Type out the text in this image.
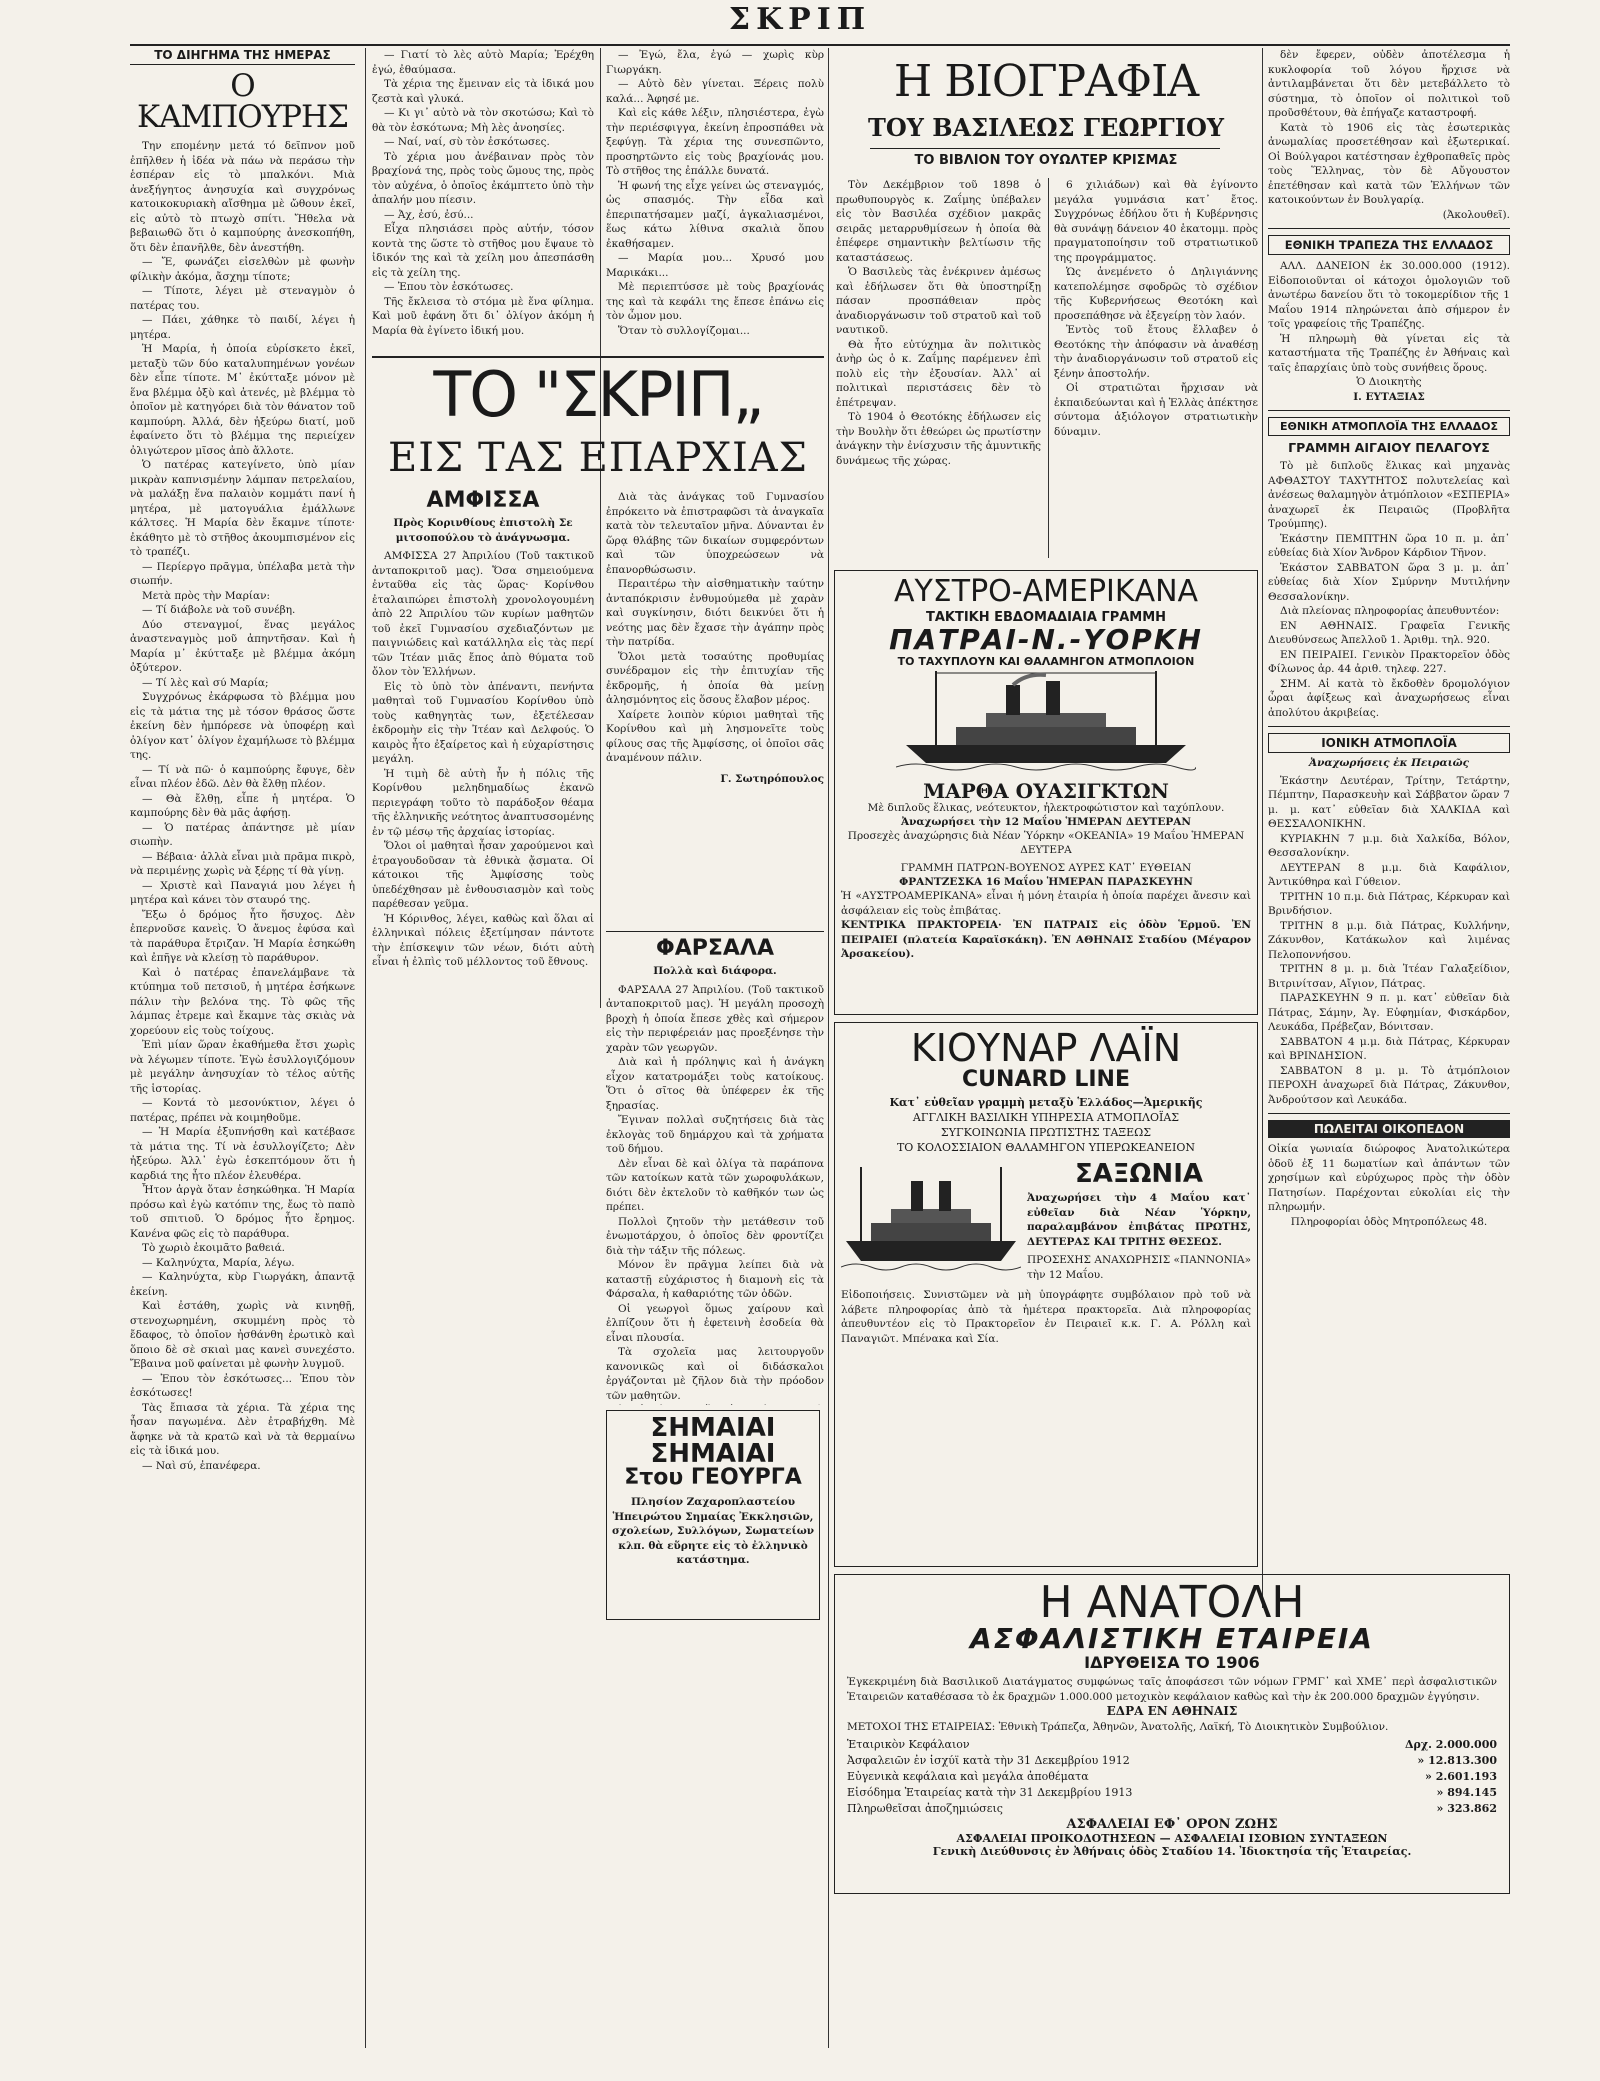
ΣΚΡΙΠ
ΤΟ ΔΙΗΓΗΜΑ ΤΗΣ ΗΜΕΡΑΣ
Ο ΚΑΜΠΟΥΡΗΣ

Την επομένην μετά τό δεῖπνον μοῦ ἐπῆλθεν ἡ ἰδέα νὰ πάω νὰ περάσω τὴν ἑσπέραν εἰς τὸ μπαλκόνι. Μιὰ ἀνεξήγητος ἀνησυχία καὶ συγχρόνως κατοικοκυριακὴ αἴσθημα μὲ ὤθουν ἐκεῖ, εἰς αὐτὸ τὸ πτωχὸ σπίτι. Ἤθελα νὰ βεβαιωθῶ ὅτι ὁ καμπούρης ἀνεσκοπήθη, ὅτι δὲν ἐπανῆλθε, δὲν ἀνεστήθη.

— Ἔ, φωνάζει εἰσελθὼν μὲ φωνὴν φίλικὴν ἀκόμα, ἄσχημ τίποτε;

— Τίποτε, λέγει μὲ στεναγμὸν ὁ πατέρας του.

— Πάει, χάθηκε τὸ παιδί, λέγει ἡ μητέρα.

Ἡ Μαρία, ἡ ὁποία εὑρίσκετο ἐκεῖ, μεταξὺ τῶν δύο καταλυπημένων γονέων δὲν εἶπε τίποτε. Μ᾽ ἐκύτταξε μόνον μὲ ἕνα βλέμμα ὀξὺ καὶ ἀτενές, μὲ βλέμμα τὸ ὁποῖον μὲ κατηγόρει διὰ τὸν θάνατον τοῦ καμπούρη. Ἀλλά, δὲν ἠξεύρω διατί, μοῦ ἐφαίνετο ὅτι τὸ βλέμμα της περιείχεν ὀλιγώτερον μῖσος ἀπὸ ἄλλοτε.

Ὁ πατέρας κατεγίνετο, ὑπὸ μίαν μικρὰν καπνισμένην λάμπαν πετρελαίου, νὰ μαλάξῃ ἕνα παλαιὸν κομμάτι πανί ἡ μητέρα, μὲ ματογυάλια ἐμάλλωνε κάλτσες. Ἡ Μαρία δὲν ἔκαμνε τίποτε· ἐκάθητο μὲ τὸ στῆθος ἀκουμπισμένον εἰς τὸ τραπέζι.

— Περίεργο πρᾶγμα, ὑπέλαβα μετὰ τὴν σιωπήν.

Μετὰ πρὸς τὴν Μαρίαν:

— Τί διάβολε νὰ τοῦ συνέβη.

Δύο στεναγμοί, ἕνας μεγάλος ἀναστεναγμὸς μοῦ ἀπηντῆσαν. Καὶ ἡ Μαρία μ᾽ ἐκύτταξε μὲ βλέμμα ἀκόμη ὀξύτερον.

— Τί λὲς καὶ σύ Μαρία;

Συγχρόνως ἐκάρφωσα τὸ βλέμμα μου εἰς τὰ μάτια της μὲ τόσον θράσος ὥστε ἐκείνη δὲν ἠμπόρεσε νὰ ὑποφέρῃ καὶ ὀλίγον κατ᾽ ὀλίγον ἐχαμήλωσε τὸ βλέμμα της.

— Τί νὰ πῶ· ὁ καμπούρης ἔφυγε, δὲν εἶναι πλέον ἐδῶ. Δὲν θὰ ἔλθῃ πλέον.

— Θὰ ἔλθῃ, εἶπε ἡ μητέρα. Ὁ καμπούρης δὲν θὰ μᾶς ἀφήσῃ.

— Ὁ πατέρας ἀπάντησε μὲ μίαν σιωπὴν.

— Βέβαια· ἀλλὰ εἶναι μιὰ πρᾶμα πικρὸ, νὰ περιμένῃς χωρὶς νὰ ξέρῃς τί θὰ γίνῃ.

— Χριστὲ καὶ Παναγιά μου λέγει ἡ μητέρα καὶ κάνει τὸν σταυρό της.

Ἔξω ὁ δρόμος ἦτο ἥσυχος. Δὲν ἐπερνοῦσε κανεὶς. Ὁ ἄνεμος ἐφύσα καὶ τὰ παράθυρα ἔτριζαν. Ἡ Μαρία ἐσηκώθη καὶ ἐπῆγε νὰ κλείσῃ τὸ παράθυρον.

Καὶ ὁ πατέρας ἐπανελάμβανε τὰ κτύπημα τοῦ πετσιοῦ, ἡ μητέρα ἐσήκωνε πάλιν τὴν βελόνα της. Τὸ φῶς τῆς λάμπας ἐτρεμε καὶ ἔκαμνε τὰς σκιὰς νὰ χορεύουν εἰς τοὺς τοίχους.

Ἐπὶ μίαν ὥραν ἐκαθήμεθα ἔτσι χωρὶς νὰ λέγωμεν τίποτε. Ἐγὼ ἐσυλλογιζόμουν μὲ μεγάλην ἀνησυχίαν τὸ τέλος αὐτῆς τῆς ἱστορίας.

— Κοντά τὸ μεσονύκτιον, λέγει ὁ πατέρας, πρέπει νὰ κοιμηθοῦμε.

— Ἡ Μαρία ἐξυπνήσθη καὶ κατέβασε τὰ μάτια της. Τί νὰ ἐσυλλογίζετο; Δὲν ἠξεύρω. Ἀλλ᾽ ἐγὼ ἐσκεπτόμουν ὅτι ἡ καρδιά της ἦτο πλέον ἐλευθέρα.

Ἦτον ἀργὰ ὅταν ἐσηκώθηκα. Ἡ Μαρία πρόσω καὶ ἐγὼ κατόπιν της, ἔως τὸ παπὸ τοῦ σπιτιοῦ. Ὁ δρόμος ἦτο ἔρημος. Κανένα φῶς εἰς τὸ παράθυρα.

Τὸ χωριὸ ἐκοιμᾶτο βαθειά.

— Καληνύχτα, Μαρία, λέγω.

— Καληνύχτα, κὺρ Γιωργάκη, ἀπαντᾷ ἐκείνη.

Καὶ ἐστάθη, χωρὶς νὰ κινηθῇ, στενοχωρημένη, σκυμμένη πρὸς τὸ ἔδαφος, τὸ ὁποῖον ἠσθάνθη ἐρωτικὸ καὶ ὅποιο δὲ σὲ σκιαὶ μας κανεὶ συνεχέστο. Ἔβαινα μοῦ φαίνεται μὲ φωνὴν λυγμοῦ.

— Ἐπου τὸν ἐσκότωσες... Ἐπου τὸν ἐσκότωσες!

Τὰς ἔπιασα τὰ χέρια. Τὰ χέρια της ἦσαν παγωμένα. Δὲν ἐτραβήχθη. Μὲ ἄφηκε νὰ τὰ κρατῶ καὶ νὰ τὰ θερμαίνω εἰς τὰ ἰδικά μου.

— Ναὶ σύ, ἐπανέφερα.

— Γιατί τὸ λὲς αὐτὸ Μαρία; Ἐρέχθη ἐγώ, ἐθαύμασα.

Τὰ χέρια της ἔμειναν εἰς τὰ ἰδικά μου ζεστὰ καὶ γλυκά.

— Κι γι᾽ αὐτὸ νὰ τὸν σκοτώσω; Καὶ τὸ θὰ τὸν ἐσκότωνα; Μὴ λὲς ἀνοησίες.

— Ναί, ναί, σὺ τὸν ἐσκότωσες.

Τὸ χέρια μου ἀνέβαιναν πρὸς τὸν βραχίονά της, πρὸς τοὺς ὤμους της, πρὸς τὸν αὐχένα, ὁ ὁποῖος ἐκάμπτετο ὑπὸ τὴν ἀπαλήν μου πίεσιν.

— Ἀχ, ἐσύ, ἐσύ...

Εἶχα πλησιάσει πρὸς αὐτήν, τόσον κοντὰ της ὥστε τὸ στῆθος μου ἔψαυε τὸ ἰδικόν της καὶ τὰ χείλη μου ἀπεσπάσθη εἰς τὰ χείλη της.

— Ἐπου τὸν ἐσκότωσες.

Τῆς ἔκλεισα τὸ στόμα μὲ ἕνα φίλημα. Καὶ μοῦ ἐφάνη ὅτι δι᾽ ὀλίγον ἀκόμη ἡ Μαρία θὰ ἐγίνετο ἰδική μου.

— Ἐγώ, ἔλα, ἐγώ — χωρὶς κὺρ Γιωργάκη.

— Αὐτὸ δὲν γίνεται. Ξέρεις πολὺ καλά... Ἀφησέ με.

Καὶ εἰς κάθε λέξιν, πλησιέστερα, ἐγὼ τὴν περιέσφιγγα, ἐκείνη ἐπροσπάθει νὰ ξεφύγῃ. Τὰ χέρια της συνεσπῶντο, προσηρτῶντο εἰς τοὺς βραχίονάς μου. Τὸ στῆθος της ἐπάλλε δυνατά.

Ἡ φωνή της εἶχε γείνει ὡς στεναγμός, ὡς σπασμός. Τὴν εἶδα καὶ ἐπεριπατήσαμεν μαζί, ἀγκαλιασμένοι, ἕως κάτω λίθινα σκαλιὰ ὅπου ἐκαθήσαμεν.

— Μαρία μου... Χρυσό μου Μαρικάκι...

Μὲ περιεπτύσσε μὲ τοὺς βραχίονάς της καὶ τὰ κεφάλι της ἔπεσε ἐπάνω εἰς τὸν ὦμον μου.

Ὅταν τὸ συλλογίζομαι...

ΤΟ "ΣΚΡΙΠ„
ΕΙΣ ΤΑΣ ΕΠΑΡΧΙΑΣ
ΑΜΦΙΣΣΑ
Πρὸς Κορινθίους ἐπιστολὴ Σε μιτσοπούλου τὸ ἀνάγνωσμα.

ΑΜΦΙΣΣΑ 27 Ἀπριλίου (Τοῦ τακτικοῦ ἀνταποκριτοῦ μας). Ὅσα σημειούμενα ἐνταῦθα εἰς τὰς ὥρας· Κορίνθου ἐταλαιπώρει ἐπιστολὴ χρονολογουμένη ἀπὸ 22 Ἀπριλίου τῶν κυρίων μαθητῶν τοῦ ἐκεῖ Γυμνασίου σχεδιαζόντων με παιγνιώδεις καὶ κατάλληλα εἰς τὰς περί τῶν Ἰτέαν μιᾶς ἔπος ἀπὸ θύματα τοῦ ὄλον τὸν Ἑλλήνων.

Εἰς τὸ ὑπὸ τὸν ἀπέναντι, πενήντα μαθηταὶ τοῦ Γυμνασίου Κορίνθου ὑπὸ τοὺς καθηγητὰς των, ἐξετέλεσαν ἐκδρομὴν εἰς τὴν Ἰτέαν καὶ Δελφούς. Ὁ καιρὸς ἦτο ἐξαίρετος καὶ ἡ εὐχαρίστησις μεγάλη.

Ἡ τιμὴ δὲ αὐτὴ ἦν ἡ πόλις τῆς Κορίνθου μεληδημαδίως ἐκανῶ περιεγράφη τοῦτο τὸ παράδοξον θέαμα τῆς ἐλληνικῆς νεότητος ἀναπτυσσομένης ἐν τῷ μέσῳ τῆς ἀρχαίας ἱστορίας.

Ὅλοι οἱ μαθηταὶ ἦσαν χαρούμενοι καὶ ἐτραγουδοῦσαν τὰ ἐθνικὰ ᾄσματα. Οἱ κάτοικοι τῆς Ἀμφίσσης τοὺς ὑπεδέχθησαν μὲ ἐνθουσιασμὸν καὶ τοὺς παρέθεσαν γεῦμα.

Ἡ Κόρινθος, λέγει, καθὼς καὶ ὅλαι αἱ ἑλληνικαὶ πόλεις ἐξετίμησαν πάντοτε τὴν ἐπίσκεψιν τῶν νέων, διότι αὐτὴ εἶναι ἡ ἐλπὶς τοῦ μέλλοντος τοῦ ἔθνους.

Διὰ τὰς ἀνάγκας τοῦ Γυμνασίου ἐπρόκειτο νὰ ἐπιστραφῶσι τὰ ἀναγκαῖα κατὰ τὸν τελευταῖον μῆνα. Δύνανται ἐν ὥρᾳ θλάβης τῶν δικαίων συμφερόντων καὶ τῶν ὑποχρεώσεων νὰ ἐπανορθώσωσιν.

Περαιτέρω τὴν αἰσθηματικὴν ταύτην ἀνταπόκρισιν ἐνθυμούμεθα μὲ χαρὰν καὶ συγκίνησιν, διότι δεικνύει ὅτι ἡ νεότης μας δὲν ἔχασε τὴν ἀγάπην πρὸς τὴν πατρίδα.

Ὅλοι μετὰ τοσαύτης προθυμίας συνέδραμον εἰς τὴν ἐπιτυχίαν τῆς ἐκδρομῆς, ἡ ὁποία θὰ μείνῃ ἀλησμόνητος εἰς ὅσους ἔλαβον μέρος.

Χαίρετε λοιπὸν κύριοι μαθηταὶ τῆς Κορίνθου καὶ μὴ λησμονεῖτε τοὺς φίλους σας τῆς Ἀμφίσσης, οἱ ὁποῖοι σᾶς ἀναμένουν πάλιν.

Γ. Σωτηρόπουλος
ΦΑΡΣΑΛΑ
Πολλὰ καὶ διάφορα.

ΦΑΡΣΑΛΑ 27 Ἀπριλίου. (Τοῦ τακτικοῦ ἀνταποκριτοῦ μας). Ἡ μεγάλη προσοχὴ βροχὴ ἡ ὁποία ἔπεσε χθὲς καὶ σήμερον εἰς τὴν περιφέρειάν μας προεξένησε τὴν χαρὰν τῶν γεωργῶν.

Διὰ καὶ ἡ πρόληψις καὶ ἡ ἀνάγκη εἶχον κατατρομάξει τοὺς κατοίκους. Ὅτι ὁ σῖτος θὰ ὑπέφερεν ἐκ τῆς ξηρασίας.

Ἔγιναν πολλαὶ συζητήσεις διὰ τὰς ἐκλογὰς τοῦ δημάρχου καὶ τὰ χρήματα τοῦ δήμου.

Δὲν εἶναι δὲ καὶ ὀλίγα τὰ παράπονα τῶν κατοίκων κατὰ τῶν χωροφυλάκων, διότι δὲν ἐκτελοῦν τὸ καθῆκόν των ὡς πρέπει.

Πολλοὶ ζητοῦν τὴν μετάθεσιν τοῦ ἐνωμοτάρχου, ὁ ὁποῖος δὲν φροντίζει διὰ τὴν τάξιν τῆς πόλεως.

Μόνον ἓν πρᾶγμα λείπει διὰ νὰ καταστῇ εὐχάριστος ἡ διαμονὴ εἰς τὰ Φάρσαλα, ἡ καθαριότης τῶν ὁδῶν.

Οἱ γεωργοὶ ὅμως χαίρουν καὶ ἐλπίζουν ὅτι ἡ ἐφετεινὴ ἐσοδεία θὰ εἶναι πλουσία.

Τὰ σχολεῖα μας λειτουργοῦν κανονικῶς καὶ οἱ διδάσκαλοι ἐργάζονται μὲ ζῆλον διὰ τὴν πρόοδον τῶν μαθητῶν.

ΣΗΜΑΙΑΙ
ΣΗΜΑΙΑΙ
Στου ΓΕΟΥΡΓΑ
Πλησίον Ζαχαροπλαστείου Ἡπειρώτου Σημαίας Ἐκκλησιῶν, σχολείων, Συλλόγων, Σωματείων κλπ. θὰ εὕρητε εἰς τὸ ἐλληνικὸ κατάστημα.
Η ΒΙΟΓΡΑΦΙΑ
ΤΟΥ ΒΑΣΙΛΕΩΣ ΓΕΩΡΓΙΟΥ
ΤΟ ΒΙΒΛΙΟΝ ΤΟΥ ΟΥΩΛΤΕΡ ΚΡΙΣΜΑΣ

Τὸν Δεκέμβριον τοῦ 1898 ὁ πρωθυπουργὸς κ. Ζαΐμης ὑπέβαλεν εἰς τὸν Βασιλέα σχέδιον μακρᾶς σειρᾶς μεταρρυθμίσεων ἡ ὁποία θὰ ἐπέφερε σημαντικὴν βελτίωσιν τῆς καταστάσεως.

Ὁ Βασιλεὺς τὰς ἐνέκρινεν ἀμέσως καὶ ἐδήλωσεν ὅτι θὰ ὑποστηρίξῃ πάσαν προσπάθειαν πρὸς ἀναδιοργάνωσιν τοῦ στρατοῦ καὶ τοῦ ναυτικοῦ.

Θὰ ἦτο εὐτύχημα ἂν πολιτικὸς ἀνὴρ ὡς ὁ κ. Ζαΐμης παρέμενεν ἐπὶ πολὺ εἰς τὴν ἐξουσίαν. Ἀλλ᾽ αἱ πολιτικαὶ περιστάσεις δὲν τὸ ἐπέτρεψαν.

Τὸ 1904 ὁ Θεοτόκης ἐδήλωσεν εἰς τὴν Βουλὴν ὅτι ἐθεώρει ὡς πρωτίστην ἀνάγκην τὴν ἐνίσχυσιν τῆς ἀμυντικῆς δυνάμεως τῆς χώρας.

6 χιλιάδων) καὶ θὰ ἐγίνοντο μεγάλα γυμνάσια κατ᾽ ἔτος. Συγχρόνως ἐδήλου ὅτι ἡ Κυβέρνησις θὰ συνάψῃ δάνειον 40 ἑκατομμ. πρὸς πραγματοποίησιν τοῦ στρατιωτικοῦ της προγράμματος.

Ὡς ἀνεμένετο ὁ Δηλιγιάννης κατεπολέμησε σφοδρῶς τὸ σχέδιον τῆς Κυβερνήσεως Θεοτόκη καὶ προσεπάθησε νὰ ἐξεγείρῃ τὸν λαόν.

Ἐντὸς τοῦ ἔτους ἔλλαβεν ὁ Θεοτόκης τὴν ἀπόφασιν νὰ ἀναθέσῃ τὴν ἀναδιοργάνωσιν τοῦ στρατοῦ εἰς ξένην ἀποστολήν.

Οἱ στρατιῶται ἤρχισαν νὰ ἐκπαιδεύωνται καὶ ἡ Ἑλλὰς ἀπέκτησε σύντομα ἀξιόλογον στρατιωτικὴν δύναμιν.

ΑΥΣΤΡΟ-ΑΜΕΡΙΚΑΝΑ
ΤΑΚΤΙΚΗ ΕΒΔΟΜΑΔΙΑΙΑ ΓΡΑΜΜΗ
ΠΑΤΡΑΙ-Ν.-ΥΟΡΚΗ
ΤΟ ΤΑΧΥΠΛΟΥΝ ΚΑΙ ΘΑΛΑΜΗΓΟΝ ΑΤΜΟΠΛΟΙΟΝ
ΜΑΡΘΑ ΟΥΑΣΙΓΚΤΩΝ
Μὲ διπλοῦς ἕλικας, νεότευκτον, ἠλεκτροφώτιστον καὶ ταχύπλουν.
Ἀναχωρήσει τὴν 12 Μαΐου ἩΜΕΡΑΝ ΔΕΥΤΕΡΑΝ
Προσεχὲς ἀναχώρησις διὰ Νέαν Ὑόρκην «ΟΚΕΑΝΙΑ» 19 Μαΐου ἩΜΕΡΑΝ ΔΕΥΤΕΡΑ
ΓΡΑΜΜΗ ΠΑΤΡΩΝ-ΒΟΥΕΝΟΣ ΑΥΡΕΣ ΚΑΤ᾽ ΕΥΘΕΙΑΝ
ΦΡΑΝΤΖΕΣΚΑ 16 Μαΐου ἩΜΕΡΑΝ ΠΑΡΑΣΚΕΥΗΝ
Ἡ «ΑΥΣΤΡΟΑΜΕΡΙΚΑΝΑ» εἶναι ἡ μόνη ἑταιρία ἡ ὁποία παρέχει ἄνεσιν καὶ ἀσφάλειαν εἰς τοὺς ἐπιβάτας.
ΚΕΝΤΡΙΚΑ ΠΡΑΚΤΟΡΕΙΑ· ἘΝ ΠΑΤΡΑΙΣ εἰς ὁδὸν Ἑρμοῦ. ἘΝ ΠΕΙΡΑΙΕΙ (πλατεία Καραϊσκάκη). ἘΝ ΑΘΗΝΑΙΣ Σταδίου (Μέγαρον Ἀρσακείου).
ΚΙΟΥΝΑΡ ΛΑΪΝ
CUNARD LINE
Κατ᾽ εὐθεῖαν γραμμὴ μεταξὺ Ἑλλάδος—Ἀμερικῆς
ΑΓΓΛΙΚΗ ΒΑΣΙΛΙΚΗ ΥΠΗΡΕΣΙΑ ΑΤΜΟΠΛΟΪΑΣ
ΣΥΓΚΟΙΝΩΝΙΑ ΠΡΩΤΙΣΤΗΣ ΤΑΞΕΩΣ
ΤΟ ΚΟΛΟΣΣΙΑΙΟΝ ΘΑΛΑΜΗΓΟΝ ΥΠΕΡΩΚΕΑΝΕΙΟΝ
ΣΑΞΩΝΙΑ
Ἀναχωρήσει τὴν 4 Μαΐου κατ᾽ εὐθεῖαν διὰ Νέαν Ὑόρκην, παραλαμβάνον ἐπιβάτας ΠΡΩΤΗΣ, ΔΕΥΤΕΡΑΣ ΚΑΙ ΤΡΙΤΗΣ ΘΕΣΕΩΣ.
ΠΡΟΣΕΧΗΣ ΑΝΑΧΩΡΗΣΙΣ «ΠΑΝΝΟΝΙΑ» τὴν 12 Μαΐου.
Εἰδοποιήσεις. Συνιστῶμεν νὰ μὴ ὑπογράφητε συμβόλαιον πρὸ τοῦ νὰ λάβετε πληροφορίας ἀπὸ τὰ ἡμέτερα πρακτορεῖα. Διὰ πληροφορίας ἀπευθυντέον εἰς τὸ Πρακτορεῖον ἐν Πειραιεῖ κ.κ. Γ. Α. Ρόλλη καὶ Παναγιῶτ. Μπένακα καὶ Σία.
Η ΑΝΑΤΟΛΗ
ΑΣΦΑΛΙΣΤΙΚΗ ΕΤΑΙΡΕΙΑ
ΙΔΡΥΘΕΙΣΑ ΤΟ 1906
Ἐγκεκριμένη διὰ Βασιλικοῦ Διατάγματος συμφώνως ταῖς ἀποφάσεσι τῶν νόμων ΓΡΜΓ᾽ καὶ ΧΜΕ᾽ περὶ ἀσφαλιστικῶν Ἑταιρειῶν καταθέσασα τὸ ἐκ δραχμῶν 1.000.000 μετοχικὸν κεφάλαιον καθὼς καὶ τὴν ἐκ 200.000 δραχμῶν ἐγγύησιν.
ΕΔΡΑ ΕΝ ΑΘΗΝΑΙΣ
ΜΕΤΟΧΟΙ ΤΗΣ ΕΤΑΙΡΕΙΑΣ: Ἐθνικὴ Τράπεζα, Ἀθηνῶν, Ἀνατολῆς, Λαϊκή, Τὸ Διοικητικὸν Συμβούλιον.
Ἑταιρικὸν Κεφάλαιον	Δρχ. 2.000.000
Ἀσφαλειῶν ἐν ἰσχύϊ κατὰ τὴν 31 Δεκεμβρίου 1912	» 12.813.300
Εὐγενικὰ κεφάλαια καὶ μεγάλα ἀποθέματα	» 2.601.193
Εἰσόδημα Ἑταιρείας κατὰ τὴν 31 Δεκεμβρίου 1913	» 894.145
Πληρωθεῖσαι ἀποζημιώσεις	» 323.862
ΑΣΦΑΛΕΙΑΙ ΕΦ᾽ ΟΡΟΝ ΖΩΗΣ
ΑΣΦΑΛΕΙΑΙ ΠΡΟΙΚΟΔΟΤΗΣΕΩΝ — ΑΣΦΑΛΕΙΑΙ ΙΣΟΒΙΩΝ ΣΥΝΤΑΞΕΩΝ
Γενικὴ Διεύθυνσις ἐν Ἀθήναις ὁδὸς Σταδίου 14. Ἰδιοκτησία τῆς Ἑταιρείας.

δὲν ἔφερεν, οὐδὲν ἀποτέλεσμα ἡ κυκλοφορία τοῦ λόγου ἤρχισε νὰ ἀντιλαμβάνεται ὅτι δὲν μετεβάλλετο τὸ σύστημα, τὸ ὁποῖον οἱ πολιτικοὶ τοῦ προῦσθέτουν, θὰ ἐπήγαζε καταστροφή.

Κατὰ τὸ 1906 εἰς τὰς ἐσωτερικὰς ἀνωμαλίας προσετέθησαν καὶ ἐξωτερικαί. Οἱ Βούλγαροι κατέστησαν ἐχθροπαθεῖς πρὸς τοὺς Ἕλληνας, τὸν δὲ Αὔγουστον ἐπετέθησαν καὶ κατὰ τῶν Ἑλλήνων τῶν κατοικούντων ἐν Βουλγαρίᾳ.

(Ἀκολουθεῖ).

ΕΘΝΙΚΗ ΤΡΑΠΕΖΑ ΤΗΣ ΕΛΛΑΔΟΣ

ΑΛΛ. ΔΑΝΕΙΟΝ ἐκ 30.000.000 (1912). Εἰδοποιοῦνται οἱ κάτοχοι ὁμολογιῶν τοῦ ἀνωτέρω δανείου ὅτι τὸ τοκομερίδιον τῆς 1 Μαΐου 1914 πληρώνεται ἀπὸ σήμερον ἐν τοῖς γραφείοις τῆς Τραπέζης.

Ἡ πληρωμὴ θὰ γίνεται εἰς τὰ καταστήματα τῆς Τραπέζης ἐν Ἀθήναις καὶ ταῖς ἐπαρχίαις ὑπὸ τοὺς συνήθεις ὅρους.

Ὁ Διοικητὴς
Ι. ΕΥΤΑΞΙΑΣ
ΕΘΝΙΚΗ ΑΤΜΟΠΛΟΪΑ ΤΗΣ ΕΛΛΑΔΟΣ
ΓΡΑΜΜΗ ΑΙΓΑΙΟΥ ΠΕΛΑΓΟΥΣ

Τὸ μὲ διπλοῦς ἕλικας καὶ μηχανὰς ΑΦΘΑΣΤΟΥ ΤΑΧΥΤΗΤΟΣ πολυτελείας καὶ ἀνέσεως θαλαμηγὸν ἀτμόπλοιον «ΕΣΠΕΡΙΑ» ἀναχωρεῖ ἐκ Πειραιῶς (Προβλῆτα Τρούμπης).

Ἑκάστην ΠΕΜΠΤΗΝ ὥρα 10 π. μ. ἀπ᾽ εὐθείας διὰ Χίον Ἄνδρον Κάρδιον Τῆνον.

Ἑκάστον ΣΑΒΒΑΤΟΝ ὥρα 3 μ. μ. ἀπ᾽ εὐθείας διὰ Χίον Σμύρνην Μυτιλήνην Θεσσαλονίκην.

Διὰ πλείονας πληροφορίας ἀπευθυντέον:

ΕΝ ΑΘΗΝΑΙΣ. Γραφεῖα Γενικῆς Διευθύνσεως Ἀπελλοῦ 1. Ἀριθμ. τηλ. 920.

ΕΝ ΠΕΙΡΑΙΕΙ. Γενικὸν Πρακτορεῖον ὁδὸς Φίλωνος ἀρ. 44 ἀριθ. τηλεφ. 227.

ΣΗΜ. Αἱ κατὰ τὸ ἔκδοθὲν δρομολόγιον ὧραι ἀφίξεως καὶ ἀναχωρήσεως εἶναι ἀπολύτου ἀκριβείας.

ΙΟΝΙΚΗ ΑΤΜΟΠΛΟΪΑ
Ἀναχωρήσεις ἐκ Πειραιῶς

Ἑκάστην Δευτέραν, Τρίτην, Τετάρτην, Πέμπτην, Παρασκευὴν καὶ Σάββατον ὥραν 7 μ. μ. κατ᾽ εὐθεῖαν διὰ ΧΑΛΚΙΔΑ καὶ ΘΕΣΣΑΛΟΝΙΚΗΝ.

ΚΥΡΙΑΚΗΝ 7 μ.μ. διὰ Χαλκίδα, Βόλον, Θεσσαλονίκην.

ΔΕΥΤΕΡΑΝ 8 μ.μ. διὰ Καφάλιον, Ἀντικύθηρα καὶ Γύθειον.

ΤΡΙΤΗΝ 10 π.μ. διὰ Πάτρας, Κέρκυραν καὶ Βρινδήσιον.

ΤΡΙΤΗΝ 8 μ.μ. διὰ Πάτρας, Κυλλήνην, Ζάκυνθον, Κατάκωλον καὶ λιμένας Πελοποννήσου.

ΤΡΙΤΗΝ 8 μ. μ. διὰ Ἰτέαν Γαλαξείδιον, Βιτρινίτσαν, Αἴγιον, Πάτρας.

ΠΑΡΑΣΚΕΥΗΝ 9 π. μ. κατ᾽ εὐθεῖαν διὰ Πάτρας, Σάμην, Ἀγ. Εὐφημίαν, Φισκάρδον, Λευκάδα, Πρέβεζαν, Βόνιτσαν.

ΣΑΒΒΑΤΟΝ 4 μ.μ. διὰ Πάτρας, Κέρκυραν καὶ ΒΡΙΝΔΗΣΙΟΝ.

ΣΑΒΒΑΤΟΝ 8 μ. μ. Τὸ ἀτμόπλοιον ΠΕΡΟΧΗ ἀναχωρεῖ διὰ Πάτρας, Ζάκυνθον, Ἀνδρούτσον καὶ Λευκάδα.

ΠΩΛΕΙΤΑΙ ΟΙΚΟΠΕΔΟΝ
Οἰκία γωνιαία διώροφος Ἀνατολικώτερα ὁδοῦ ἐξ 11 δωματίων καὶ ἀπάντων τῶν χρησίμων καὶ εὐρύχωρος πρὸς τὴν ὁδὸν Πατησίων. Παρέχονται εὐκολίαι εἰς τὴν πληρωμήν.
Πληροφορίαι ὁδὸς Μητροπόλεως 48.
